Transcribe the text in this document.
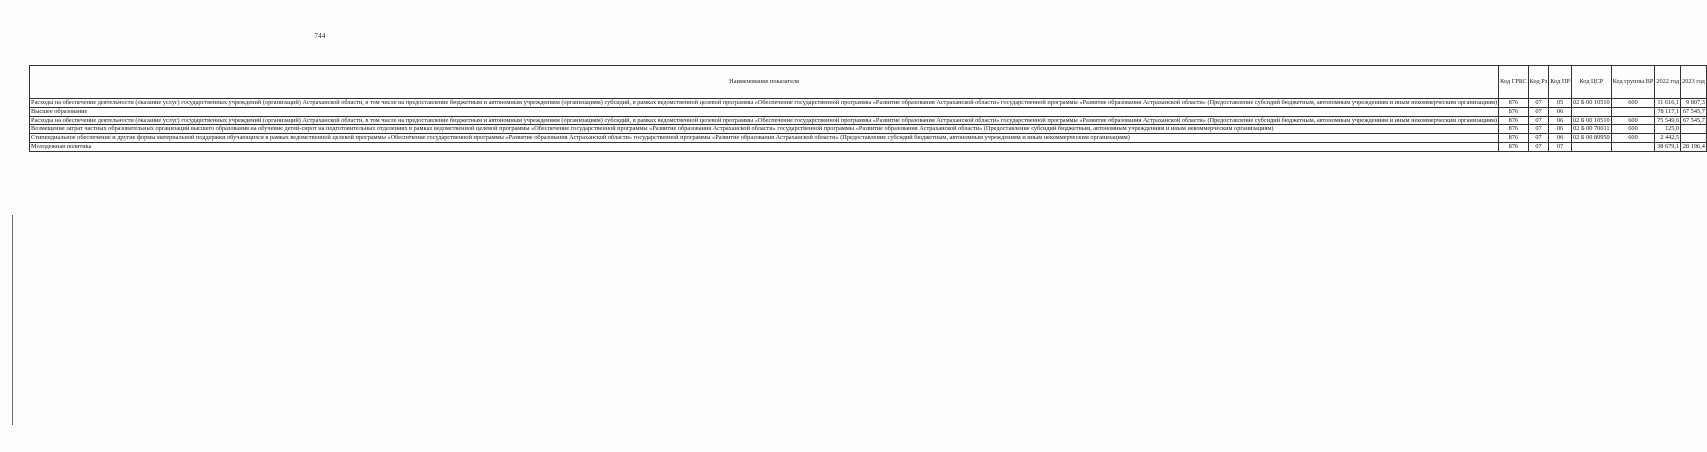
744
Наименование показателя	Код ГРБС	Код Рз	Код ПР	Код ЦСР	Код группы ВР	2022 год	2023 год
Расходы на обеспечение деятельности (оказание услуг) государственных учреждений (организаций) Астраханской области, в том числе на предоставление бюджетным и автономным учреждениям (организациям) субсидий, в рамках ведомственной целевой программы «Обеспечение государственной программы «Развитие образования Астраханской области» государственной программы «Развитие образования Астраханской области» (Предоставление субсидий бюджетным, автономным учреждениям и иным некоммерческим организациям)	876	07	05	02 Б 00 10510	600	11 616,1	9 807,3
Высшее образование	876	07	06			78 117,1	67 545,7
Расходы на обеспечение деятельности (оказание услуг) государственных учреждений (организаций) Астраханской области, в том числе на предоставление бюджетным и автономным учреждениям (организациям) субсидий, в рамках ведомственной целевой программы «Обеспечение государственной программы «Развитие образования Астраханской области» государственной программы «Развитие образования Астраханской области» (Предоставление субсидий бюджетным, автономным учреждениям и иным некоммерческим организациям)	876	07	06	02 Б 00 10510	600	75 549,6	67 545,7
Возмещение затрат частных образовательных организаций высшего образования на обучение детей-сирот на подготовительных отделениях в рамках ведомственной целевой программы «Обеспечение государственной программы «Развитие образования Астраханской области» государственной программы «Развитие образования Астраханской области» (Предоставление субсидий бюджетным, автономным учреждениям и иным некоммерческим организациям)	876	07	06	02 Б 00 70011	600	125,0	
Стипендиальное обеспечение и другие формы материальной поддержки обучающихся в рамках ведомственной целевой программы «Обеспечение государственной программы «Развитие образования Астраханской области» государственной программы «Развитие образования Астраханской области» (Предоставление субсидий бюджетным, автономным учреждениям и иным некоммерческим организациям)	876	07	06	02 Б 00 80950	600	2 442,5	
Молодежная политика	876	07	07			38 679,1	28 196,4
